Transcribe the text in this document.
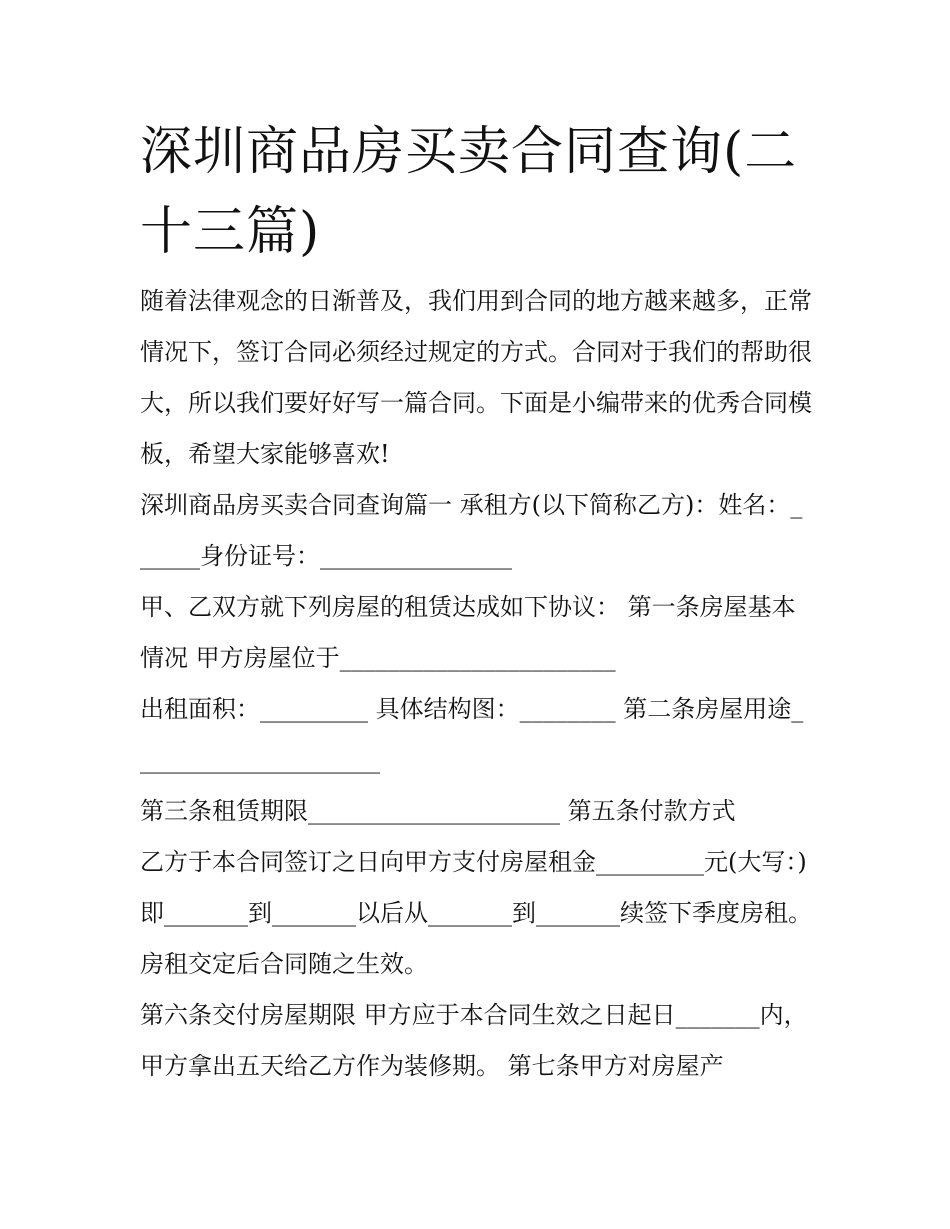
深圳商品房买卖合同查询(二十三篇)

随着法律观念的日渐普及，我们用到合同的地方越来越多，正常情况下，签订合同必须经过规定的方式。合同对于我们的帮助很大，所以我们要好好写一篇合同。下面是小编带来的优秀合同模板，希望大家能够喜欢!

深圳商品房买卖合同查询篇一 承租方(以下简称乙方)：姓名：______身份证号：________________

甲、乙双方就下列房屋的租赁达成如下协议： 第一条房屋基本情况 甲方房屋位于_______________________

出租面积：_________ 具体结构图：________ 第二条房屋用途_____________________

第三条租赁期限_____________________ 第五条付款方式

乙方于本合同签订之日向甲方支付房屋租金_________元(大写：)即_______到_______以后从_______到_______续签下季度房租。房租交定后合同随之生效。

第六条交付房屋期限 甲方应于本合同生效之日起日_______内，甲方拿出五天给乙方作为装修期。 第七条甲方对房屋产
